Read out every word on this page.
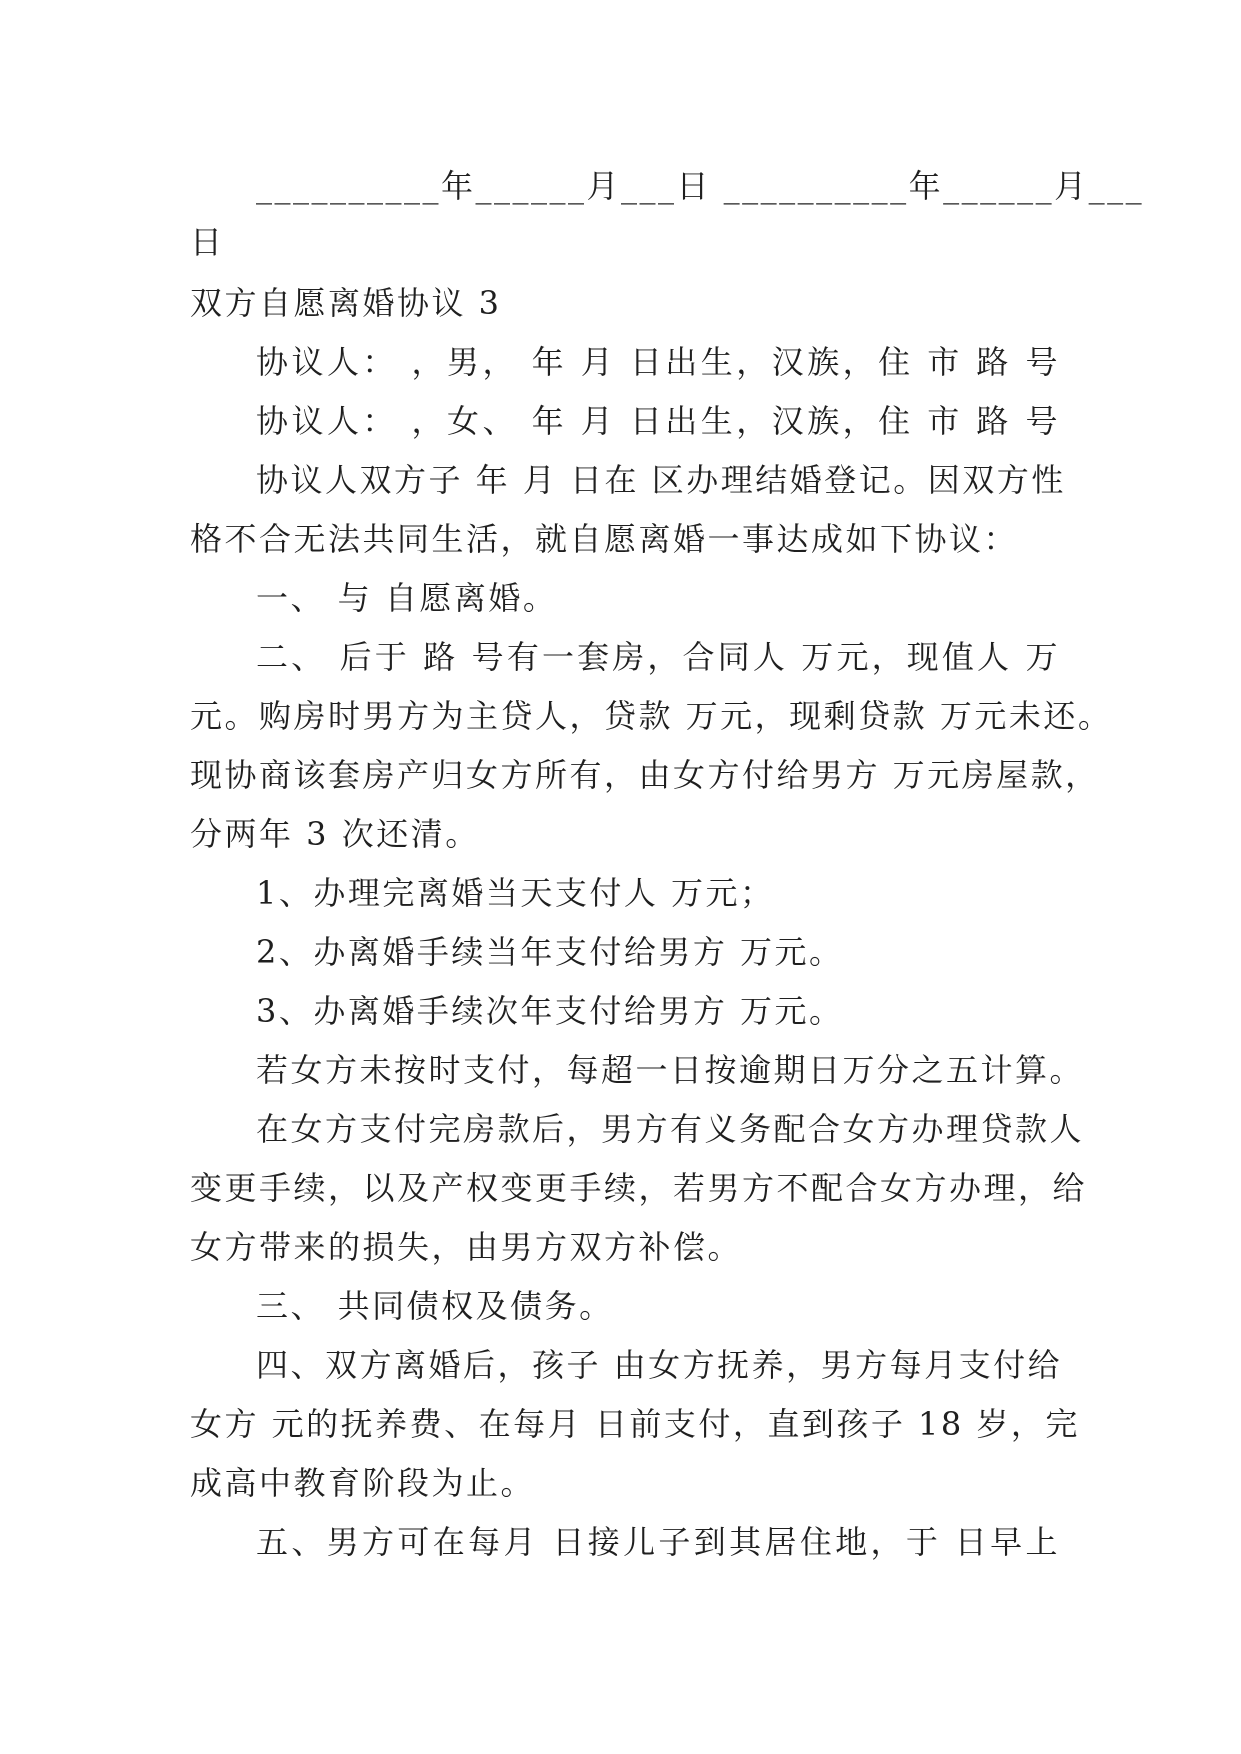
__________年______月___日 __________年______月___
日
双方自愿离婚协议 3
协议人： ，男， 年 月 日出生，汉族，住 市 路 号
协议人： ，女、 年 月 日出生，汉族，住 市 路 号
协议人双方子 年 月 日在 区办理结婚登记。因双方性
格不合无法共同生活，就自愿离婚一事达成如下协议：
一、 与 自愿离婚。
二、 后于 路 号有一套房，合同人 万元，现值人 万
元。购房时男方为主贷人，贷款 万元，现剩贷款 万元未还。
现协商该套房产归女方所有，由女方付给男方 万元房屋款，
分两年 3 次还清。
1、办理完离婚当天支付人 万元；
2、办离婚手续当年支付给男方 万元。
3、办离婚手续次年支付给男方 万元。
若女方未按时支付，每超一日按逾期日万分之五计算。
在女方支付完房款后，男方有义务配合女方办理贷款人
变更手续，以及产权变更手续，若男方不配合女方办理，给
女方带来的损失，由男方双方补偿。
三、 共同债权及债务。
四、双方离婚后，孩子 由女方抚养，男方每月支付给
女方 元的抚养费、在每月 日前支付，直到孩子 18 岁，完
成高中教育阶段为止。
五、男方可在每月 日接儿子到其居住地，于 日早上
